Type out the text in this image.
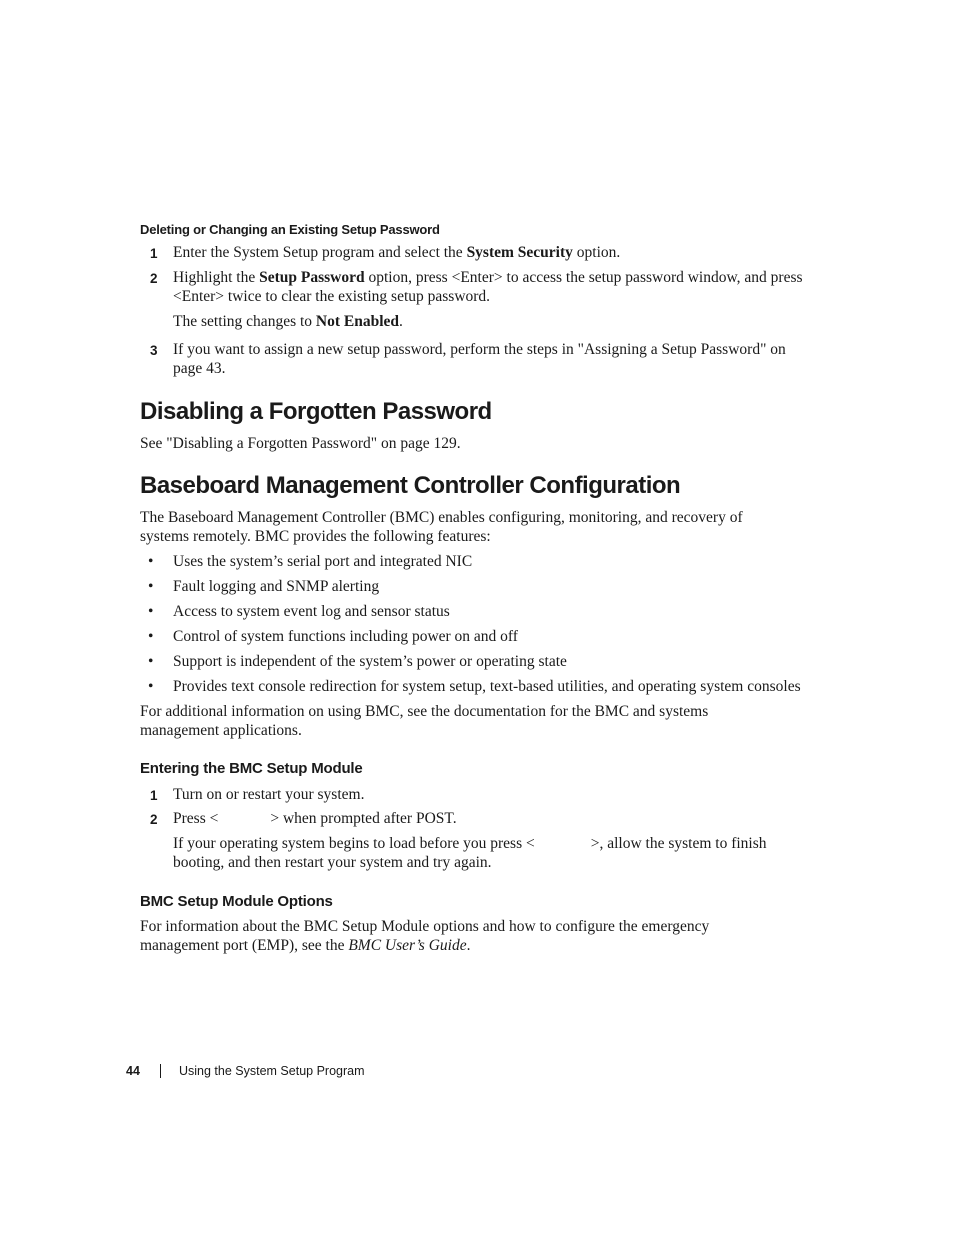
Deleting or Changing an Existing Setup Password
1 Enter the System Setup program and select the System Security option.
2 Highlight the Setup Password option, press <Enter> to access the setup password window, and press
<Enter> twice to clear the existing setup password.
The setting changes to Not Enabled.
3 If you want to assign a new setup password, perform the steps in "Assigning a Setup Password" on
page 43.
Disabling a Forgotten Password
See "Disabling a Forgotten Password" on page 129.
Baseboard Management Controller Configuration
The Baseboard Management Controller (BMC) enables configuring, monitoring, and recovery of
systems remotely. BMC provides the following features:
•	Uses the system’s serial port and integrated NIC
•	Fault logging and SNMP alerting
•	Access to system event log and sensor status
•	Control of system functions including power on and off
•	Support is independent of the system’s power or operating state
•	Provides text console redirection for system setup, text-based utilities, and operating system consoles
For additional information on using BMC, see the documentation for the BMC and systems
management applications.
Entering the BMC Setup Module
1 Turn on or restart your system.
2 Press <	> when prompted after POST.
If your operating system begins to load before you press <	>, allow the system to finish
booting, and then restart your system and try again.
BMC Setup Module Options
For information about the BMC Setup Module options and how to configure the emergency
management port (EMP), see the BMC User’s Guide.
44	Using the System Setup Program
